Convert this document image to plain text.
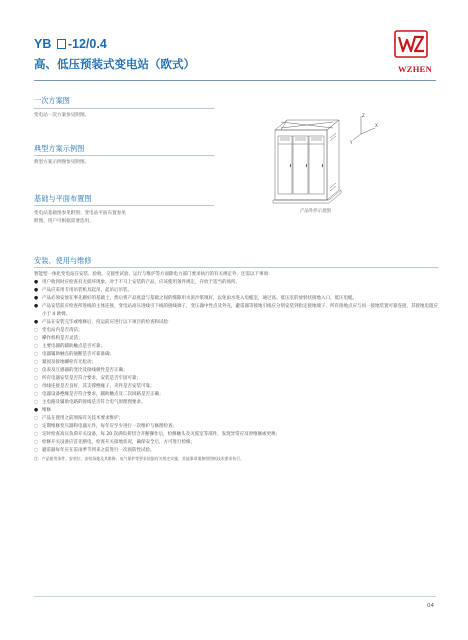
YB -12/0.4
高、低压预装式变电站（欧式）	WZHEN
一次方案图
变电站一次方案参见附图。
典型方案示例图
典型方案示例图参见附图。
基础与平面布置图
变电站基础图参见附图；变电站平面布置参见附图，用户可根据需要选用。
安装、使用与维修
Z
X
Y
产品外形示意图
智能型一体化变电站在安装、验收、交接性试验、运行与维护等方面除电力部门要求执行的有关规定外，还需以下事项：
● 用户收到时应检查有无损坏现象，对于不马上安装的产品，应该使用条件规定，存放于适当的场所。
● 产品应采用专用吊装机具起吊，起吊后吊装。
● 产品必须安放在事先砌好的基础上，然后将产品底盘与基础之间的缝隙用水泥沙浆填好，以免雨水进入电缆室，通过高、低压室的放射状接地入口，低压电缆。
● 产品安装前应检查所进线的主体连接，变电站高压进线引下线的接线端子，变压器中性点及外壳，避雷器等接地引线应分别安装到指定接地端子，所有接地点应与同一接地装置可靠连接，其接地电阻应小于 4 欧姆。
● 产品在安装完毕或维修后，投运前应进行以下项目的检查和试验：
○ 变电站内是否清洁；
○ 操作机构是否灵活；
○ 主要电器的辅助触点是否可靠；
○ 电器辅助触点的通断是否可靠准确；
○ 紧固及接地螺栓有无松动；
○ 仪表及互感器的变比及接线极性是否正确；
○ 所有电器安装是否符合要求，安装是否牢固可靠；
○ 母线连接是否良好，其支撑绝缘子、夹件是否安装可靠；
○ 电器设备绝缘是否符合要求，辅助触点及二次回路是否正确；
○ 主电路及辅助电路的接线是否符合电气原理图要求。
● 维修
○ 产品在使用之前须按有关技术要求维护；
○ 定期维修变压器和电器元件，每年应至少进行一次维护与修理检查；
○ 定时检查高压负荷开关设备，每 20 次满负荷切合开断操作后，检修触头及灭弧室等部件，发现异常应及时维修或更换；
○ 检修开关设备应首先断电，检查开关接地状况，确保安全后，方可进行检修；
○ 避雷器每年应在雷雨季节到来之前进行一次预防性试验。
注：产品使用条件、安装位、安装场地及其维修、电气保护等要求依据有关规定实施；其他事项请参照图纸技术要求执行。
04
